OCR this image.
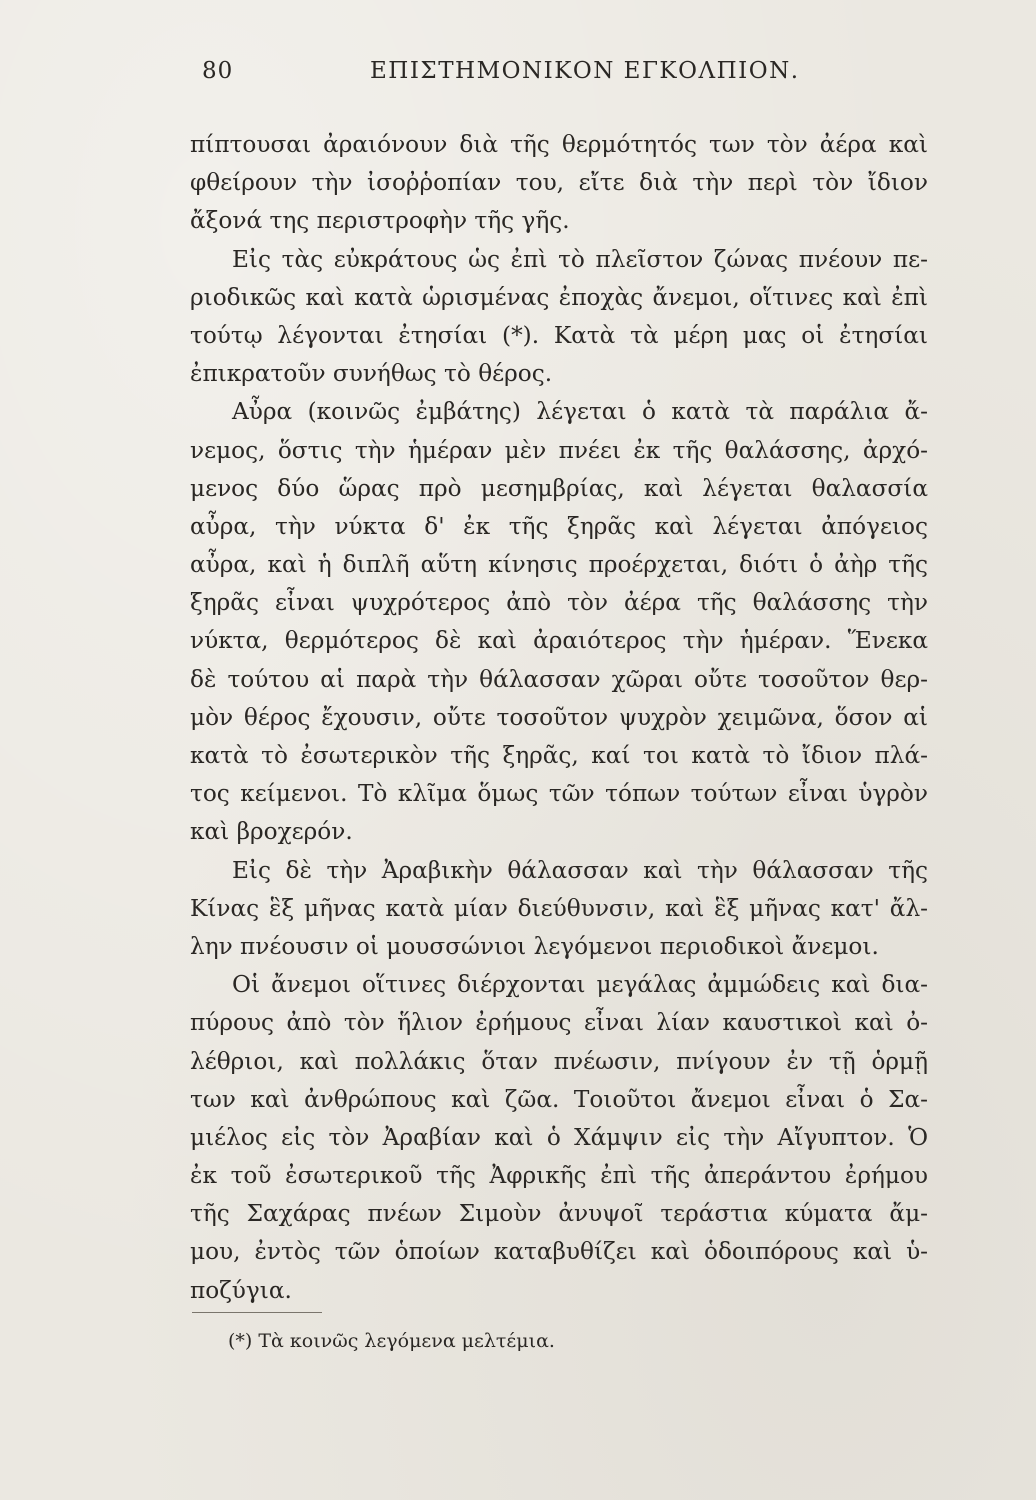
80	ΕΠΙΣΤΗΜΟΝΙΚΟΝ ΕΓΚΟΛΠΙΟΝ.
πίπτουσαι ἀραιόνουν διὰ τῆς θερμότητός των τὸν ἀέρα καὶ
φθείρουν τὴν ἰσοῤῥοπίαν του, εἴτε διὰ τὴν περὶ τὸν ἴδιον
ἄξονά της περιστροφὴν τῆς γῆς.
Εἰς τὰς εὐκράτους ὡς ἐπὶ τὸ πλεῖστον ζώνας πνέουν πε-
ριοδικῶς καὶ κατὰ ὡρισμένας ἐποχὰς ἄνεμοι, οἵτινες καὶ ἐπὶ
τούτῳ λέγονται ἐτησίαι (*). Κατὰ τὰ μέρη μας οἱ ἐτησίαι
ἐπικρατοῦν συνήθως τὸ θέρος.
Αὖρα (κοινῶς ἐμβάτης) λέγεται ὁ κατὰ τὰ παράλια ἄ-
νεμος, ὅστις τὴν ἡμέραν μὲν πνέει ἐκ τῆς θαλάσσης, ἀρχό-
μενος δύο ὥρας πρὸ μεσημβρίας, καὶ λέγεται θαλασσία
αὖρα, τὴν νύκτα δ' ἐκ τῆς ξηρᾶς καὶ λέγεται ἀπόγειος
αὖρα, καὶ ἡ διπλῆ αὕτη κίνησις προέρχεται, διότι ὁ ἀὴρ τῆς
ξηρᾶς εἶναι ψυχρότερος ἀπὸ τὸν ἀέρα τῆς θαλάσσης τὴν
νύκτα, θερμότερος δὲ καὶ ἀραιότερος τὴν ἡμέραν. Ἕνεκα
δὲ τούτου αἱ παρὰ τὴν θάλασσαν χῶραι οὔτε τοσοῦτον θερ-
μὸν θέρος ἔχουσιν, οὔτε τοσοῦτον ψυχρὸν χειμῶνα, ὅσον αἱ
κατὰ τὸ ἐσωτερικὸν τῆς ξηρᾶς, καί τοι κατὰ τὸ ἴδιον πλά-
τος κείμενοι. Τὸ κλῖμα ὅμως τῶν τόπων τούτων εἶναι ὑγρὸν
καὶ βροχερόν.
Εἰς δὲ τὴν Ἀραβικὴν θάλασσαν καὶ τὴν θάλασσαν τῆς
Κίνας ἓξ μῆνας κατὰ μίαν διεύθυνσιν, καὶ ἓξ μῆνας κατ' ἄλ-
λην πνέουσιν οἱ μουσσώνιοι λεγόμενοι περιοδικοὶ ἄνεμοι.
Οἱ ἄνεμοι οἵτινες διέρχονται μεγάλας ἀμμώδεις καὶ δια-
πύρους ἀπὸ τὸν ἥλιον ἐρήμους εἶναι λίαν καυστικοὶ καὶ ὀ-
λέθριοι, καὶ πολλάκις ὅταν πνέωσιν, πνίγουν ἐν τῇ ὁρμῇ
των καὶ ἀνθρώπους καὶ ζῶα. Τοιοῦτοι ἄνεμοι εἶναι ὁ Σα-
μιέλος εἰς τὸν Ἀραβίαν καὶ ὁ Χάμψιν εἰς τὴν Αἴγυπτον. Ὁ
ἐκ τοῦ ἐσωτερικοῦ τῆς Ἀφρικῆς ἐπὶ τῆς ἀπεράντου ἐρήμου
τῆς Σαχάρας πνέων Σιμοὺν ἀνυψοῖ τεράστια κύματα ἄμ-
μου, ἐντὸς τῶν ὁποίων καταβυθίζει καὶ ὁδοιπόρους καὶ ὑ-
ποζύγια.
(*) Τὰ κοινῶς λεγόμενα μελτέμια.
